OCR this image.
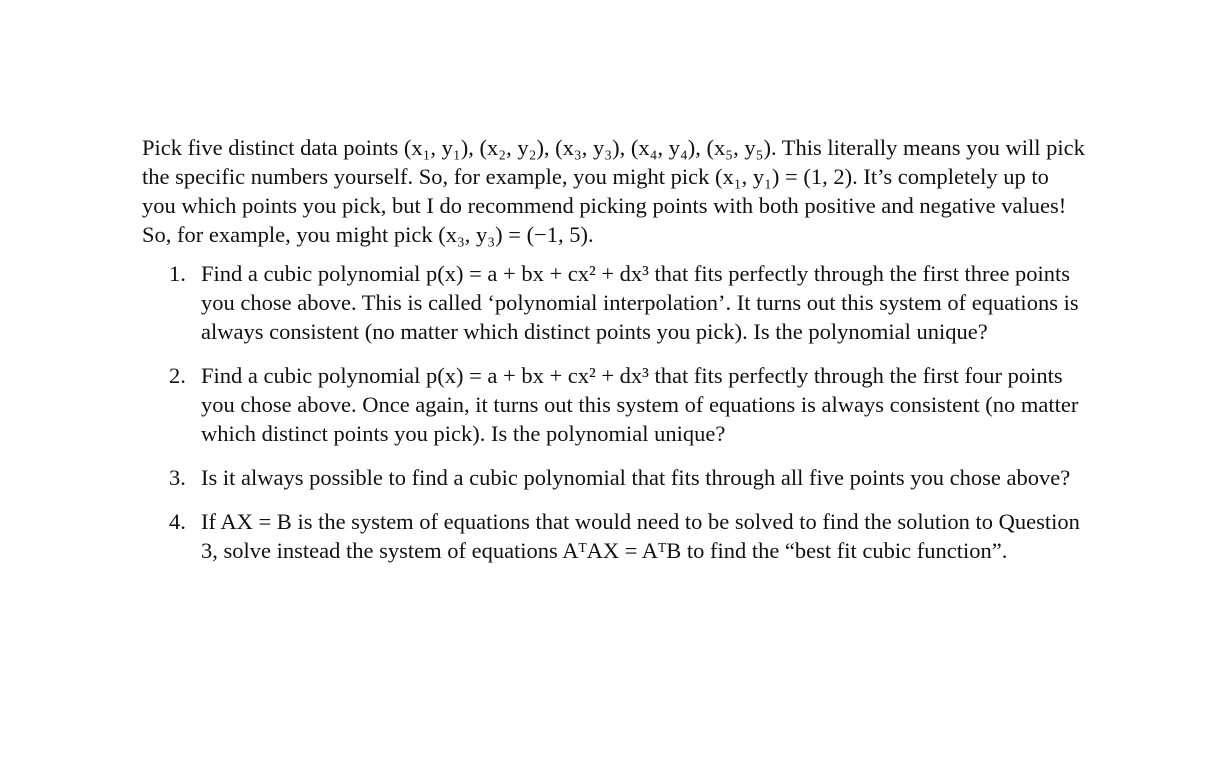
Pick five distinct data points (x₁, y₁), (x₂, y₂), (x₃, y₃), (x₄, y₄), (x₅, y₅). This literally means you will pick the specific numbers yourself. So, for example, you might pick (x₁, y₁) = (1, 2). It’s completely up to you which points you pick, but I do recommend picking points with both positive and negative values! So, for example, you might pick (x₃, y₃) = (−1, 5).

1. Find a cubic polynomial p(x) = a + bx + cx² + dx³ that fits perfectly through the first three points you chose above. This is called ‘polynomial interpolation’. It turns out this system of equations is always consistent (no matter which distinct points you pick). Is the polynomial unique?
2. Find a cubic polynomial p(x) = a + bx + cx² + dx³ that fits perfectly through the first four points you chose above. Once again, it turns out this system of equations is always consistent (no matter which distinct points you pick). Is the polynomial unique?
3. Is it always possible to find a cubic polynomial that fits through all five points you chose above?
4. If AX = B is the system of equations that would need to be solved to find the solution to Question 3, solve instead the system of equations AᵀAX = AᵀB to find the “best fit cubic function”.
